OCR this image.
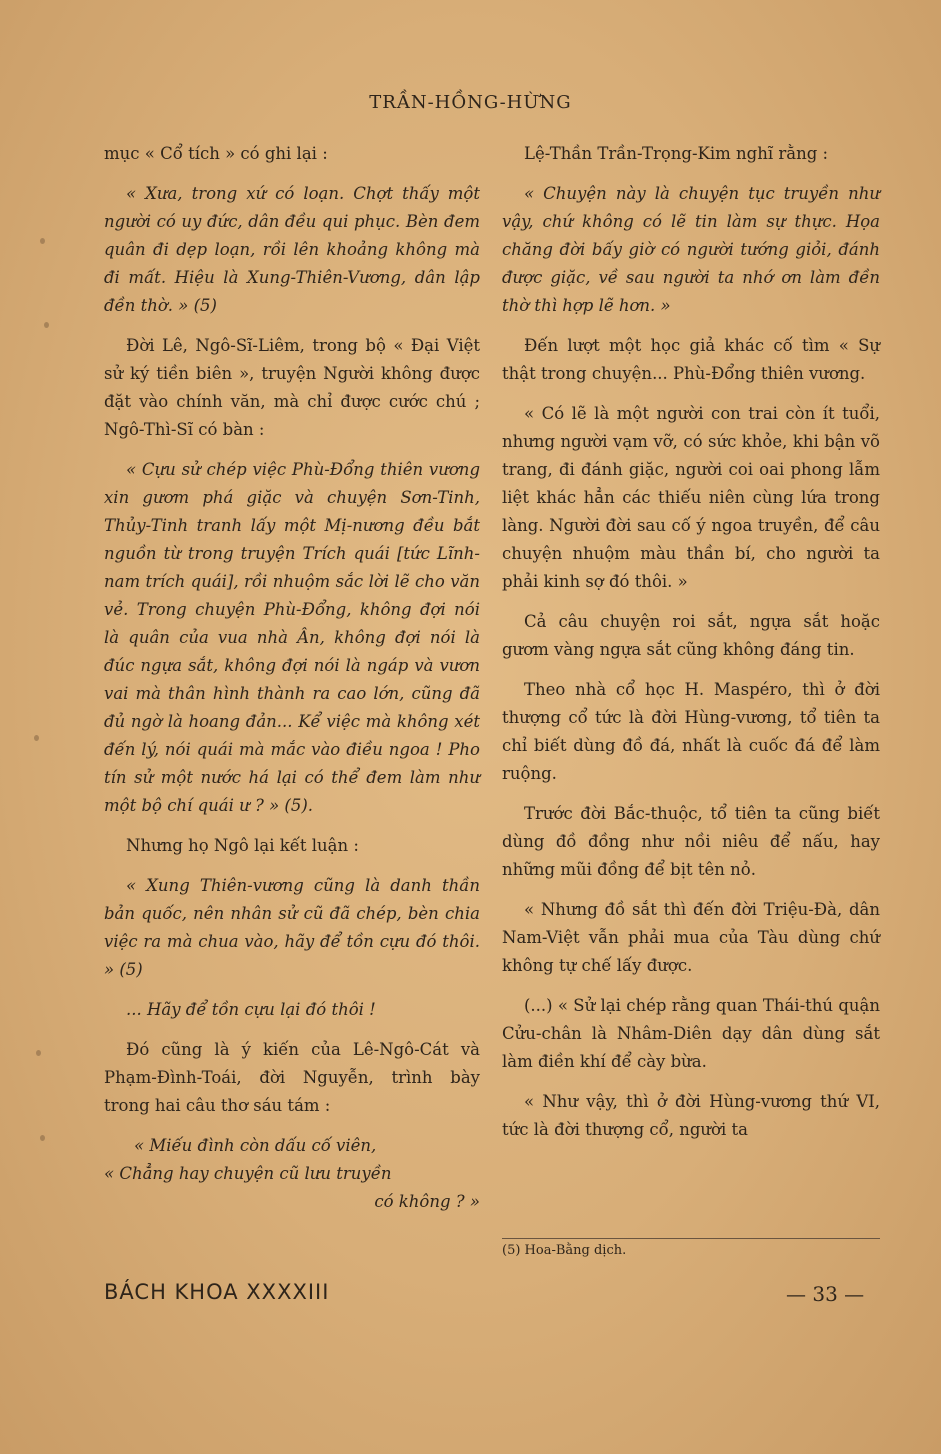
TRẦN-HỒNG-HỪNG

mục « Cổ tích » có ghi lại :

« Xưa, trong xứ có loạn. Chợt thấy một người có uy đức, dân đều qui phục. Bèn đem quân đi dẹp loạn, rồi lên khoảng không mà đi mất. Hiệu là Xung-Thiên-Vương, dân lập đền thờ. » (5)

Đời Lê, Ngô-Sĩ-Liêm, trong bộ « Đại Việt sử ký tiền biên », truyện Người không được đặt vào chính văn, mà chỉ được cước chú ; Ngô-Thì-Sĩ có bàn :

« Cựu sử chép việc Phù-Đổng thiên vương xin gươm phá giặc và chuyện Sơn-Tinh, Thủy-Tinh tranh lấy một Mị-nương đều bắt nguồn từ trong truyện Trích quái [tức Lĩnh-nam trích quái], rồi nhuộm sắc lời lẽ cho văn vẻ. Trong chuyện Phù-Đổng, không đợi nói là quân của vua nhà Ân, không đợi nói là đúc ngựa sắt, không đợi nói là ngáp và vươn vai mà thân hình thành ra cao lớn, cũng đã đủ ngờ là hoang đản... Kể việc mà không xét đến lý, nói quái mà mắc vào điều ngoa ! Pho tín sử một nước há lại có thể đem làm như một bộ chí quái ư ? » (5).

Nhưng họ Ngô lại kết luận :

« Xung Thiên-vương cũng là danh thần bản quốc, nên nhân sử cũ đã chép, bèn chia việc ra mà chua vào, hãy để tồn cựu đó thôi. » (5)

... Hãy để tồn cựu lại đó thôi !

Đó cũng là ý kiến của Lê-Ngô-Cát và Phạm-Đình-Toái, đời Nguyễn, trình bày trong hai câu thơ sáu tám :

« Miếu đình còn dấu cố viên,
« Chẳng hay chuyện cũ lưu truyền
có không ? »

Lệ-Thần Trần-Trọng-Kim nghĩ rằng :

« Chuyện này là chuyện tục truyền như vậy, chứ không có lẽ tin làm sự thực. Họa chăng đời bấy giờ có người tướng giỏi, đánh được giặc, về sau người ta nhớ ơn làm đền thờ thì hợp lẽ hơn. »

Đến lượt một học giả khác cố tìm « Sự thật trong chuyện... Phù-Đổng thiên vương.

« Có lẽ là một người con trai còn ít tuổi, nhưng người vạm vỡ, có sức khỏe, khi bận võ trang, đi đánh giặc, người coi oai phong lẫm liệt khác hẳn các thiếu niên cùng lứa trong làng. Người đời sau cố ý ngoa truyền, để câu chuyện nhuộm màu thần bí, cho người ta phải kinh sợ đó thôi. »

Cả câu chuyện roi sắt, ngựa sắt hoặc gươm vàng ngựa sắt cũng không đáng tin.

Theo nhà cổ học H. Maspéro, thì ở đời thượng cổ tức là đời Hùng-vương, tổ tiên ta chỉ biết dùng đồ đá, nhất là cuốc đá để làm ruộng.

Trước đời Bắc-thuộc, tổ tiên ta cũng biết dùng đồ đồng như nồi niêu để nấu, hay những mũi đồng để bịt tên nỏ.

« Nhưng đồ sắt thì đến đời Triệu-Đà, dân Nam-Việt vẫn phải mua của Tàu dùng chứ không tự chế lấy được.

(...) « Sử lại chép rằng quan Thái-thú quận Cửu-chân là Nhâm-Diên dạy dân dùng sắt làm điền khí để cày bừa.

« Như vậy, thì ở đời Hùng-vương thứ VI, tức là đời thượng cổ, người ta

(5) Hoa-Bằng dịch.
BÁCH KHOA XXXXIII	— 33 —
